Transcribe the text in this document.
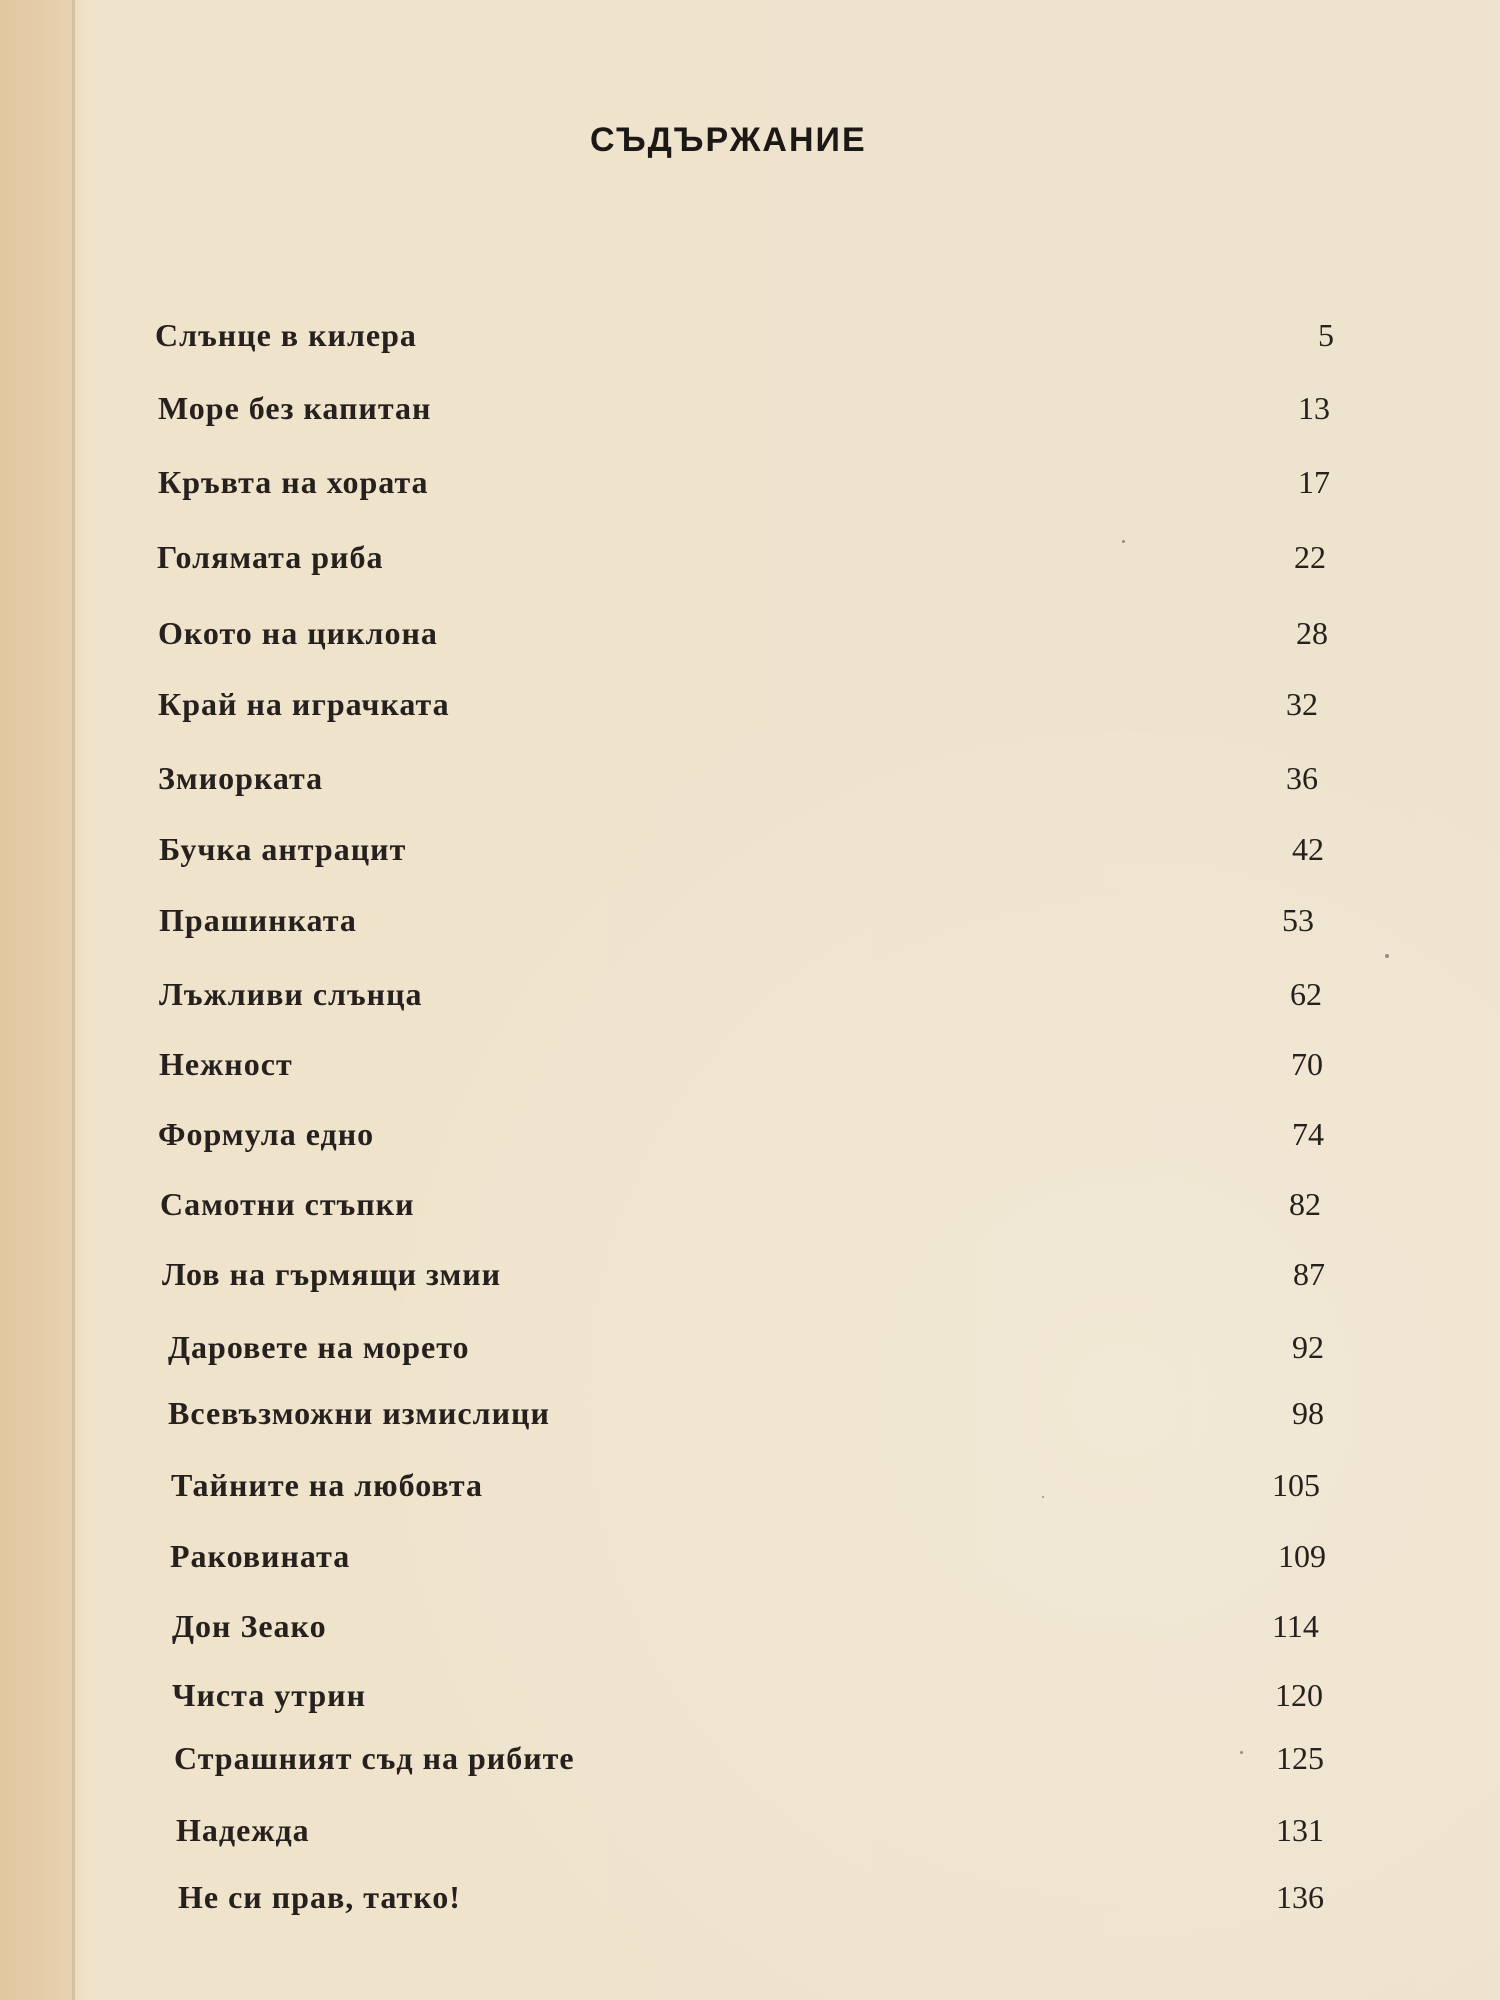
СЪДЪРЖАНИЕ
Слънце в килера	5
Море без капитан	13
Кръвта на хората	17
Голямата риба	22
Окото на циклона	28
Край на играчката	32
Змиорката	36
Бучка антрацит	42
Прашинката	53
Лъжливи слънца	62
Нежност	70
Формула едно	74
Самотни стъпки	82
Лов на гърмящи змии	87
Даровете на морето	92
Всевъзможни измислици	98
Тайните на любовта	105
Раковината	109
Дон Зеако	114
Чиста утрин	120
Страшният съд на рибите	125
Надежда	131
Не си прав, татко!	136
